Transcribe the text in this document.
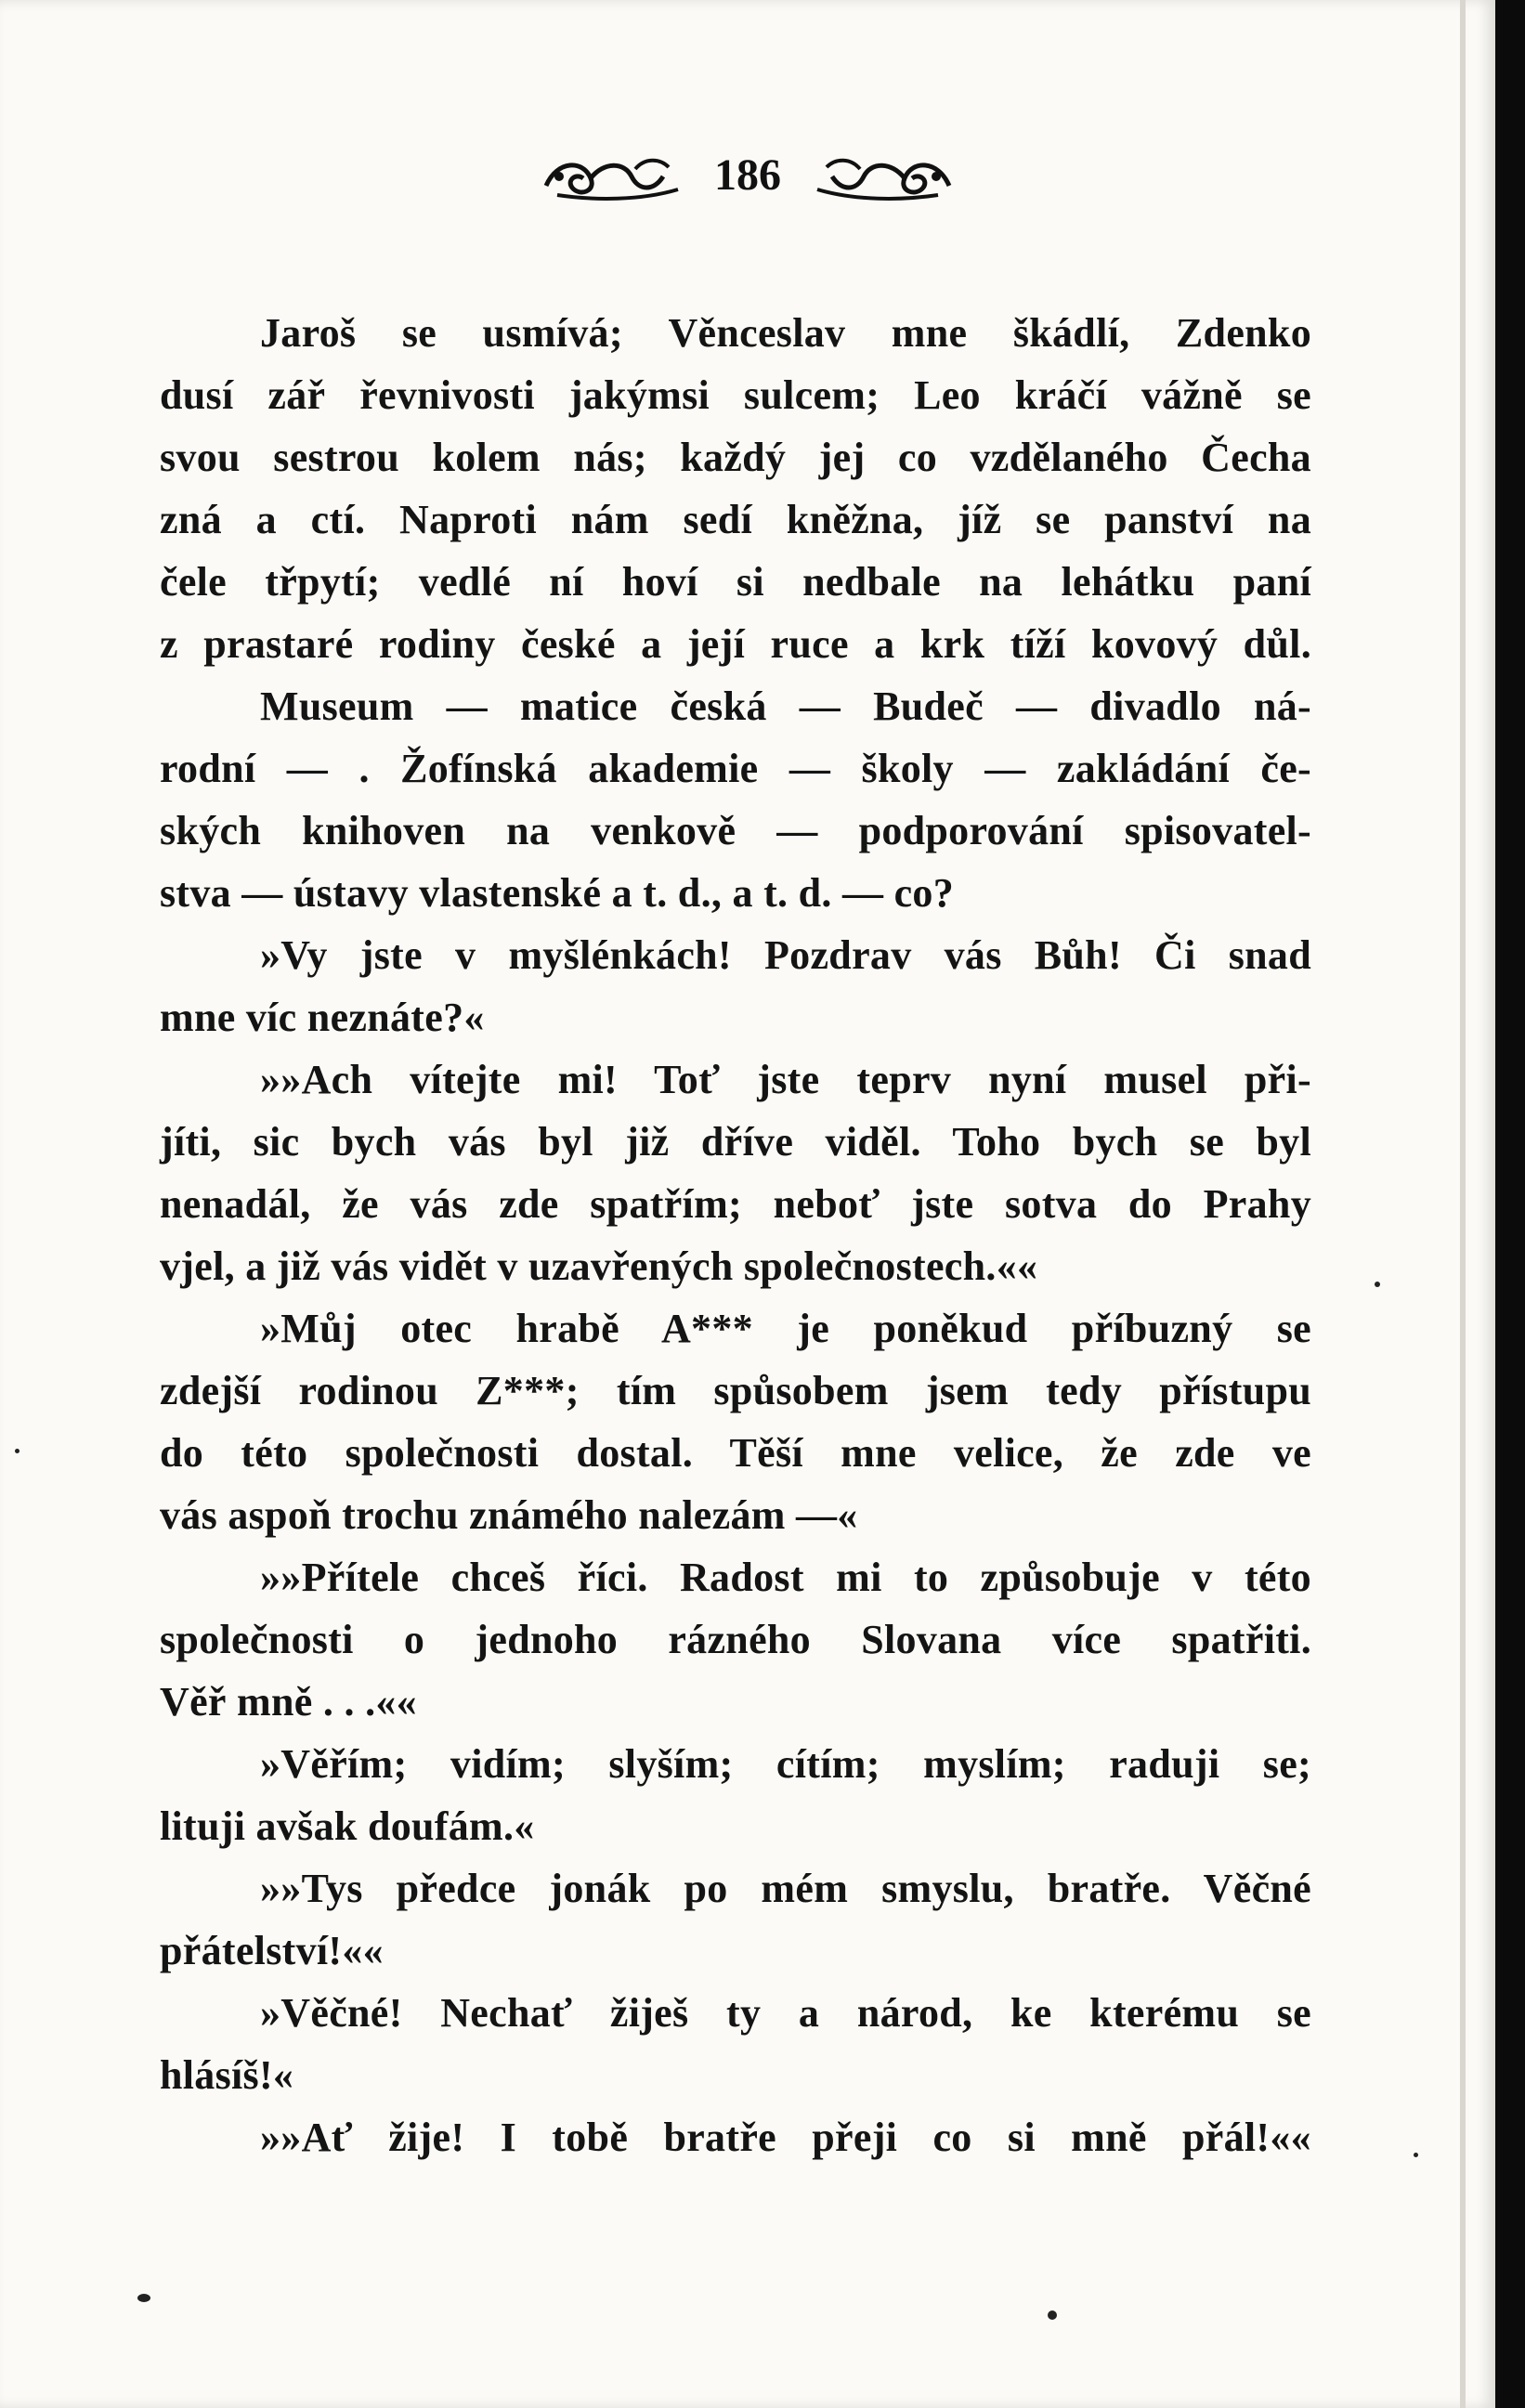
186
Jaroš se usmívá; Věnceslav mne škádlí, Zdenko
dusí zář řevnivosti jakýmsi sulcem; Leo kráčí vážně se
svou sestrou kolem nás; každý jej co vzdělaného Čecha
zná a ctí. Naproti nám sedí kněžna, jíž se panství na
čele třpytí; vedlé ní hoví si nedbale na lehátku paní
z prastaré rodiny české a její ruce a krk tíží kovový důl.
Museum — matice česká — Budeč — divadlo ná-
rodní — . Žofínská akademie — školy — zakládání če-
ských knihoven na venkově — podporování spisovatel-
stva — ústavy vlastenské a t. d., a t. d. — co?
»Vy jste v myšlénkách! Pozdrav vás Bůh! Či snad
mne víc neznáte?«
»»Ach vítejte mi! Toť jste teprv nyní musel při-
jíti, sic bych vás byl již dříve viděl. Toho bych se byl
nenadál, že vás zde spatřím; neboť jste sotva do Prahy
vjel, a již vás vidět v uzavřených společnostech.««
»Můj otec hrabě A*** je poněkud příbuzný se
zdejší rodinou Z***; tím spůsobem jsem tedy přístupu
do této společnosti dostal. Těší mne velice, že zde ve
vás aspoň trochu známého nalezám —«
»»Přítele chceš říci. Radost mi to způsobuje v této
společnosti o jednoho rázného Slovana více spatřiti.
Věř mně . . .««
»Věřím; vidím; slyším; cítím; myslím; raduji se;
lituji avšak doufám.«
»»Tys předce jonák po mém smyslu, bratře. Věčné
přátelství!««
»Věčné! Nechať žiješ ty a národ, ke kterému se
hlásíš!«
»»Ať žije! I tobě bratře přeji co si mně přál!««
